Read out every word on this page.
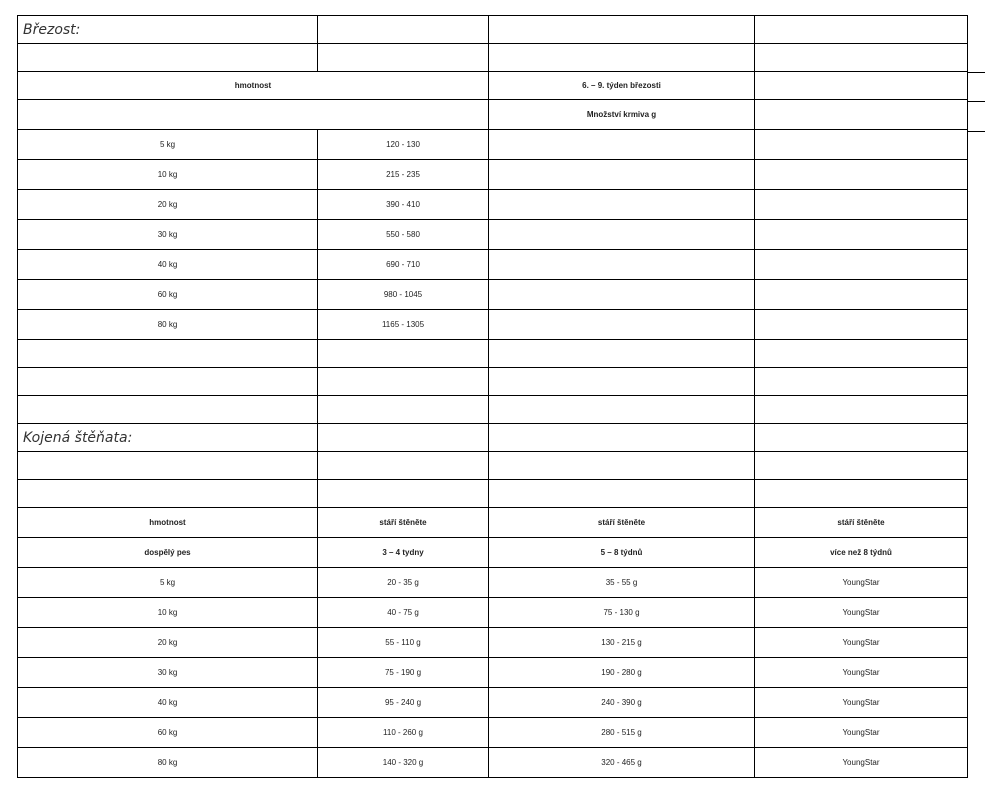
Březost:			

hmotnost		6. – 9. týden březosti	
		Množství krmiva g	
5 kg	120 - 130		
10 kg	215 - 235		
20 kg	390 - 410		
30 kg	550 - 580		
40 kg	690 - 710		
60 kg	980 - 1045		
80 kg	1165 - 1305		

Kojená štěňata:			

hmotnost	stáří štěněte	stáří štěněte	stáří štěněte
dospělý pes	3 – 4 tydny	5 – 8 týdnů	více než 8 týdnů
5 kg	20 - 35 g	35 - 55 g	YoungStar
10 kg	40 - 75 g	75 - 130 g	YoungStar
20 kg	55 - 110 g	130 - 215 g	YoungStar
30 kg	75 - 190 g	190 - 280 g	YoungStar
40 kg	95 - 240 g	240 - 390 g	YoungStar
60 kg	110 - 260 g	280 - 515 g	YoungStar
80 kg	140 - 320 g	320 - 465 g	YoungStar
